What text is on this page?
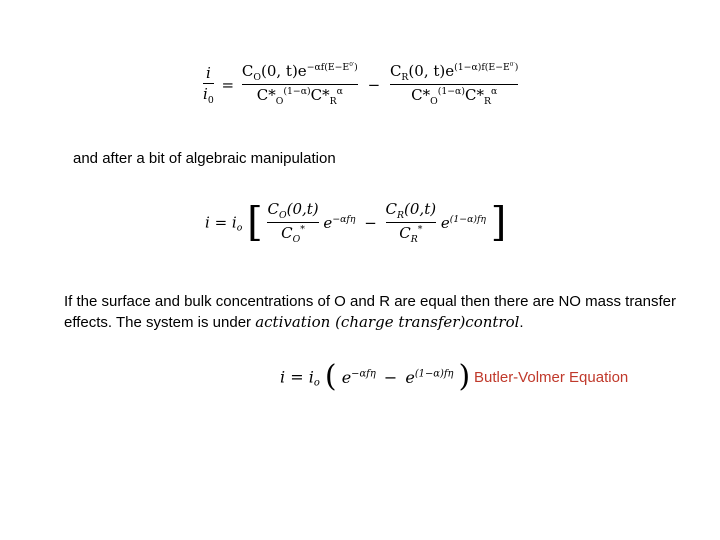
$\frac{i}{i_0} = \frac{C_O(0, t)e^{-\alpha f(E-E^{0'})}}{C*_O^{(1-\alpha)}C*_R^\alpha} - \frac{C_R(0, t)e^{(1-\alpha)f(E-E^{0'})}}{C*_O^{(1-\alpha)}C*_R^\alpha}$
and after a bit of algebraic manipulation
$i = i_o$ [ $\frac{C_O(0,t)}{C_O^*} e^{-\alpha f\eta} - \frac{C_R(0,t)}{C_R^*} e^{(1-\alpha)f\eta}$ ]
If the surface and bulk concentrations of O and R are equal then there are NO mass transfer effects. The system is under activation (charge transfer)control.
$i = i_o$ ( $e^{-\alpha f\eta} - e^{(1-\alpha)f\eta}$ ) Butler-Volmer Equation
